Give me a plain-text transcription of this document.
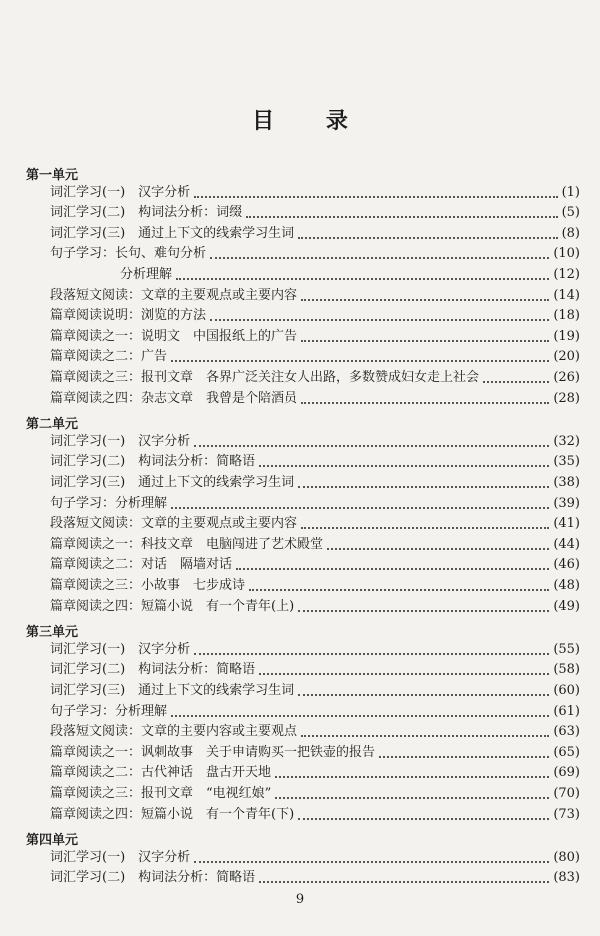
目 录
第一单元
词汇学习(一)　汉字分析	(1)
词汇学习(二)　构词法分析：词缀	(5)
词汇学习(三)　通过上下文的线索学习生词	(8)
句子学习：长句、难句分析	(10)
分析理解	(12)
段落短文阅读：文章的主要观点或主要内容	(14)
篇章阅读说明：浏览的方法	(18)
篇章阅读之一：说明文　中国报纸上的广告	(19)
篇章阅读之二：广告	(20)
篇章阅读之三：报刊文章　各界广泛关注女人出路，多数赞成妇女走上社会	(26)
篇章阅读之四：杂志文章　我曾是个陪酒员	(28)
第二单元
词汇学习(一)　汉字分析	(32)
词汇学习(二)　构词法分析：简略语	(35)
词汇学习(三)　通过上下文的线索学习生词	(38)
句子学习：分析理解	(39)
段落短文阅读：文章的主要观点或主要内容	(41)
篇章阅读之一：科技文章　电脑闯进了艺术殿堂	(44)
篇章阅读之二：对话　隔墙对话	(46)
篇章阅读之三：小故事　七步成诗	(48)
篇章阅读之四：短篇小说　有一个青年(上)	(49)
第三单元
词汇学习(一)　汉字分析	(55)
词汇学习(二)　构词法分析：简略语	(58)
词汇学习(三)　通过上下文的线索学习生词	(60)
句子学习：分析理解	(61)
段落短文阅读：文章的主要内容或主要观点	(63)
篇章阅读之一：讽刺故事　关于申请购买一把铁壶的报告	(65)
篇章阅读之二：古代神话　盘古开天地	(69)
篇章阅读之三：报刊文章　“电视红娘”	(70)
篇章阅读之四：短篇小说　有一个青年(下)	(73)
第四单元
词汇学习(一)　汉字分析	(80)
词汇学习(二)　构词法分析：简略语	(83)
9
